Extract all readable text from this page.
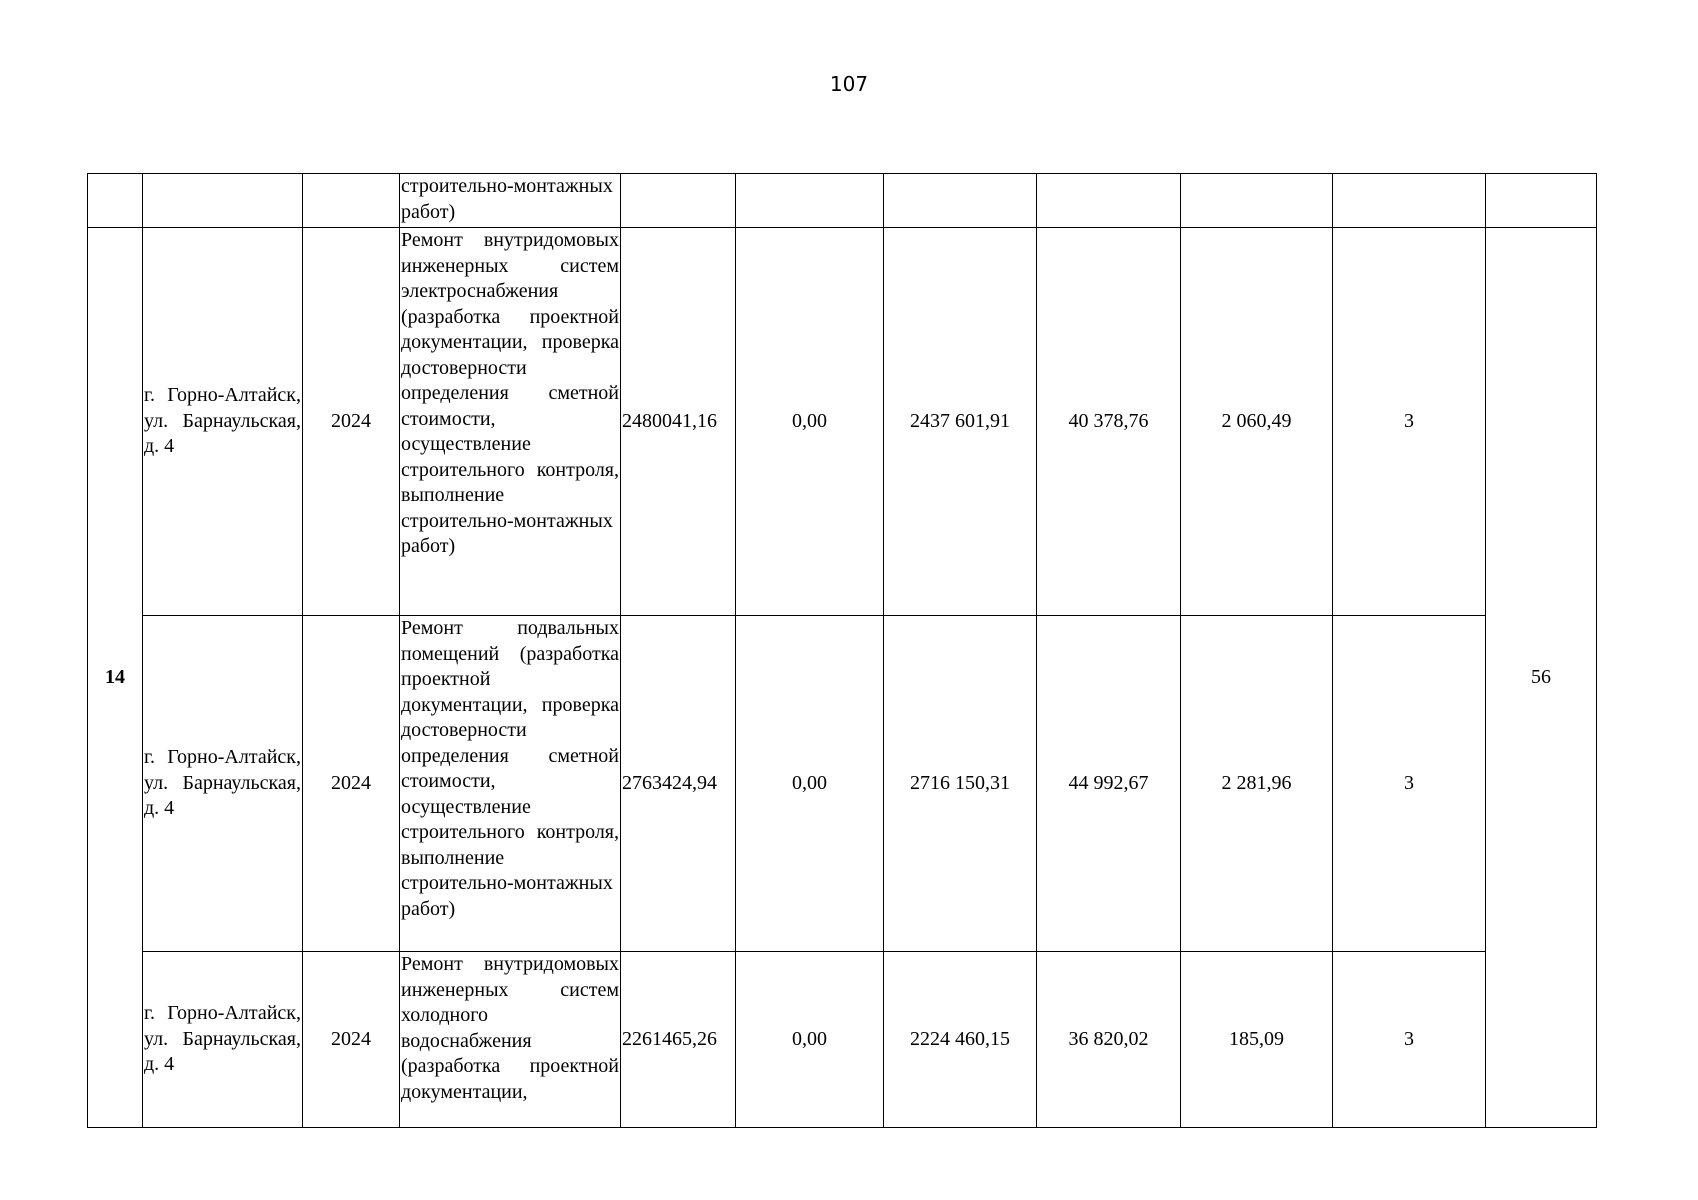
107
			строительно-монтажных работ)							
14	г. Горно-Алтайск, ул. Барнаульская, д. 4	2024	Ремонт внутридомовых инженерных систем электроснабжения (разработка проектной документации, проверка достоверности определения сметной стоимости, осуществление строительного контроля, выполнение строительно-монтажных работ)	2480041,16	0,00	2437 601,91	40 378,76	2 060,49	3	56
	г. Горно-Алтайск, ул. Барнаульская, д. 4	2024	Ремонт подвальных помещений (разработка проектной документации, проверка достоверности определения сметной стоимости, осуществление строительного контроля, выполнение строительно-монтажных работ)	2763424,94	0,00	2716 150,31	44 992,67	2 281,96	3	
	г. Горно-Алтайск, ул. Барнаульская, д. 4	2024	Ремонт внутридомовых инженерных систем холодного водоснабжения (разработка проектной документации,	2261465,26	0,00	2224 460,15	36 820,02	185,09	3	
